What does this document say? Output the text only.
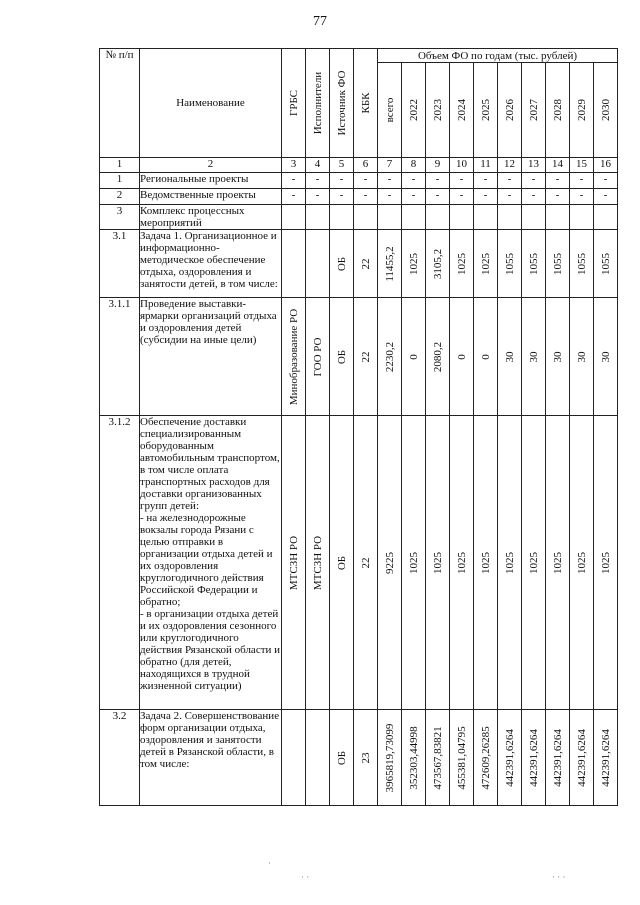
77
№ п/п	Наименование	ГРБС	Исполнители	Источник ФО	КБК	Объем ФО по годам (тыс. рублей)									

						всего	2022	2023	2024	2025	2026	2027	2028	2029	2030

1	2	3	4	5	6	7	8	9	10	11	12	13	14	15	16
1	Региональные проекты	-	-	-	-	-	-	-	-	-	-	-	-	-	-
2	Ведомственные проекты	-	-	-	-	-	-	-	-	-	-	-	-	-	-
3	Комплекс процессных мероприятий														
3.1	Задача 1. Организационное и информационно-методическое обеспечение отдыха, оздоровления и занятости детей, в том числе:			ОБ	22	11455,2	1025	3105,2	1025	1025	1055	1055	1055	1055	1055

3.1.1	Проведение выставки-ярмарки организаций отдыха и оздоровления детей (субсидии на иные цели)	Минобразование РО	ГОО РО	ОБ	22	2230,2	0	2080,2	0	0	30	30	30	30	30

3.1.2	Обеспечение доставки специализированным оборудованным автомобильным транспортом, в том числе оплата транспортных расходов для доставки организованных групп детей:
- на железнодорожные вокзалы города Рязани с целью отправки в организации отдыха детей и их оздоровления круглогодичного действия Российской Федерации и обратно;
- в организации отдыха детей и их оздоровления сезонного или круглогодичного действия Рязанской области и обратно (для детей, находящихся в трудной жизненной ситуации)	МТСЗН РО	МТСЗН РО	ОБ	22	9225	1025	1025	1025	1025	1025	1025	1025	1025	1025

3.2	Задача 2. Совершенствование форм организации отдыха, оздоровления и занятости детей в Рязанской области, в том числе:			ОБ	23	3965819,73099	352303,44998	473567,83821	455381,04795	472609,26285	442391,6264	442391,6264	442391,6264	442391,6264	442391,6264
·
· ·	· · ·
